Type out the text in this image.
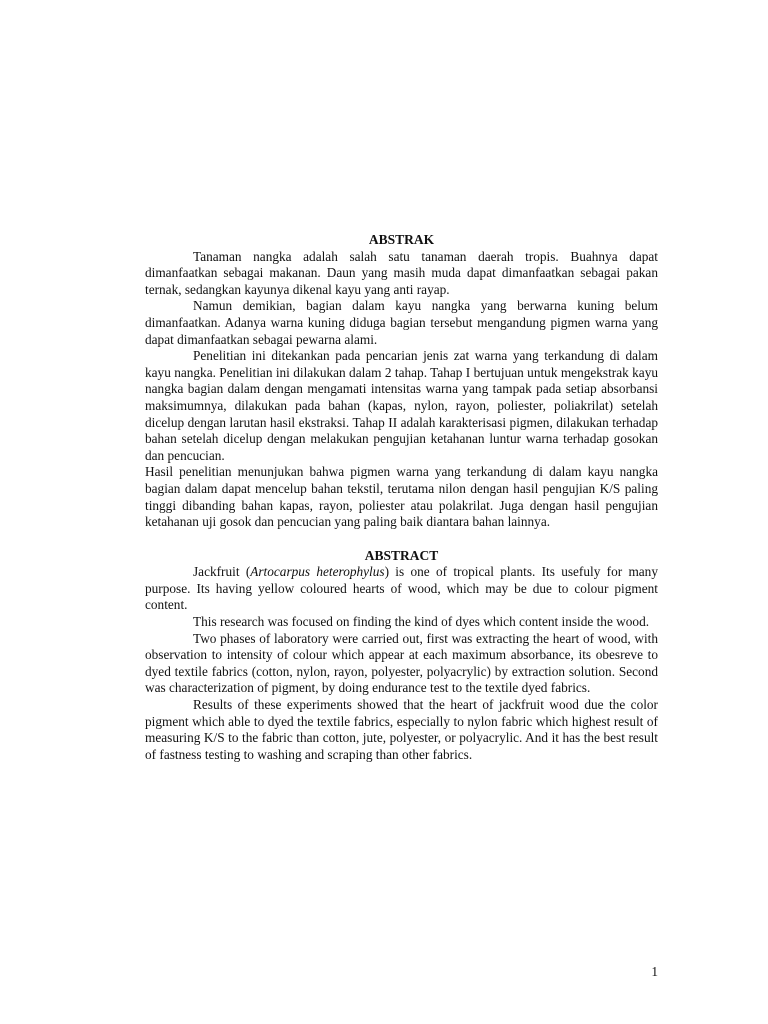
ABSTRAK

Tanaman nangka adalah salah satu tanaman daerah tropis. Buahnya dapat dimanfaatkan sebagai makanan. Daun yang masih muda dapat dimanfaatkan sebagai pakan ternak, sedangkan kayunya dikenal kayu yang anti rayap.

Namun demikian, bagian dalam kayu nangka yang berwarna kuning belum dimanfaatkan. Adanya warna kuning diduga bagian tersebut mengandung pigmen warna yang dapat dimanfaatkan sebagai pewarna alami.

Penelitian ini ditekankan pada pencarian jenis zat warna yang terkandung di dalam kayu nangka. Penelitian ini dilakukan dalam 2 tahap. Tahap I bertujuan untuk mengekstrak kayu nangka bagian dalam dengan mengamati intensitas warna yang tampak pada setiap absorbansi maksimumnya, dilakukan pada bahan (kapas, nylon, rayon, poliester, poliakrilat) setelah dicelup dengan larutan hasil ekstraksi. Tahap II adalah karakterisasi pigmen, dilakukan terhadap bahan setelah dicelup dengan melakukan pengujian ketahanan luntur warna terhadap gosokan dan pencucian.

Hasil penelitian menunjukan bahwa pigmen warna yang terkandung di dalam kayu nangka bagian dalam dapat mencelup bahan tekstil, terutama nilon dengan hasil pengujian K/S paling tinggi dibanding bahan kapas, rayon, poliester atau polakrilat. Juga dengan hasil pengujian ketahanan uji gosok dan pencucian yang paling baik diantara bahan lainnya.

ABSTRACT

Jackfruit (Artocarpus heterophylus) is one of tropical plants. Its usefuly for many purpose. Its having yellow coloured hearts of wood, which may be due to colour pigment content.

This research was focused on finding the kind of dyes which content inside the wood.

Two phases of laboratory were carried out, first was extracting the heart of wood, with observation to intensity of colour which appear at each maximum absorbance, its obesreve to dyed textile fabrics (cotton, nylon, rayon, polyester, polyacrylic) by extraction solution. Second was characterization of pigment, by doing endurance test to the textile dyed fabrics.

Results of these experiments showed that the heart of jackfruit wood due the color pigment which able to dyed the textile fabrics, especially to nylon fabric which highest result of measuring K/S to the fabric than cotton, jute, polyester, or polyacrylic. And it has the best result of fastness testing to washing and scraping than other fabrics.

1
